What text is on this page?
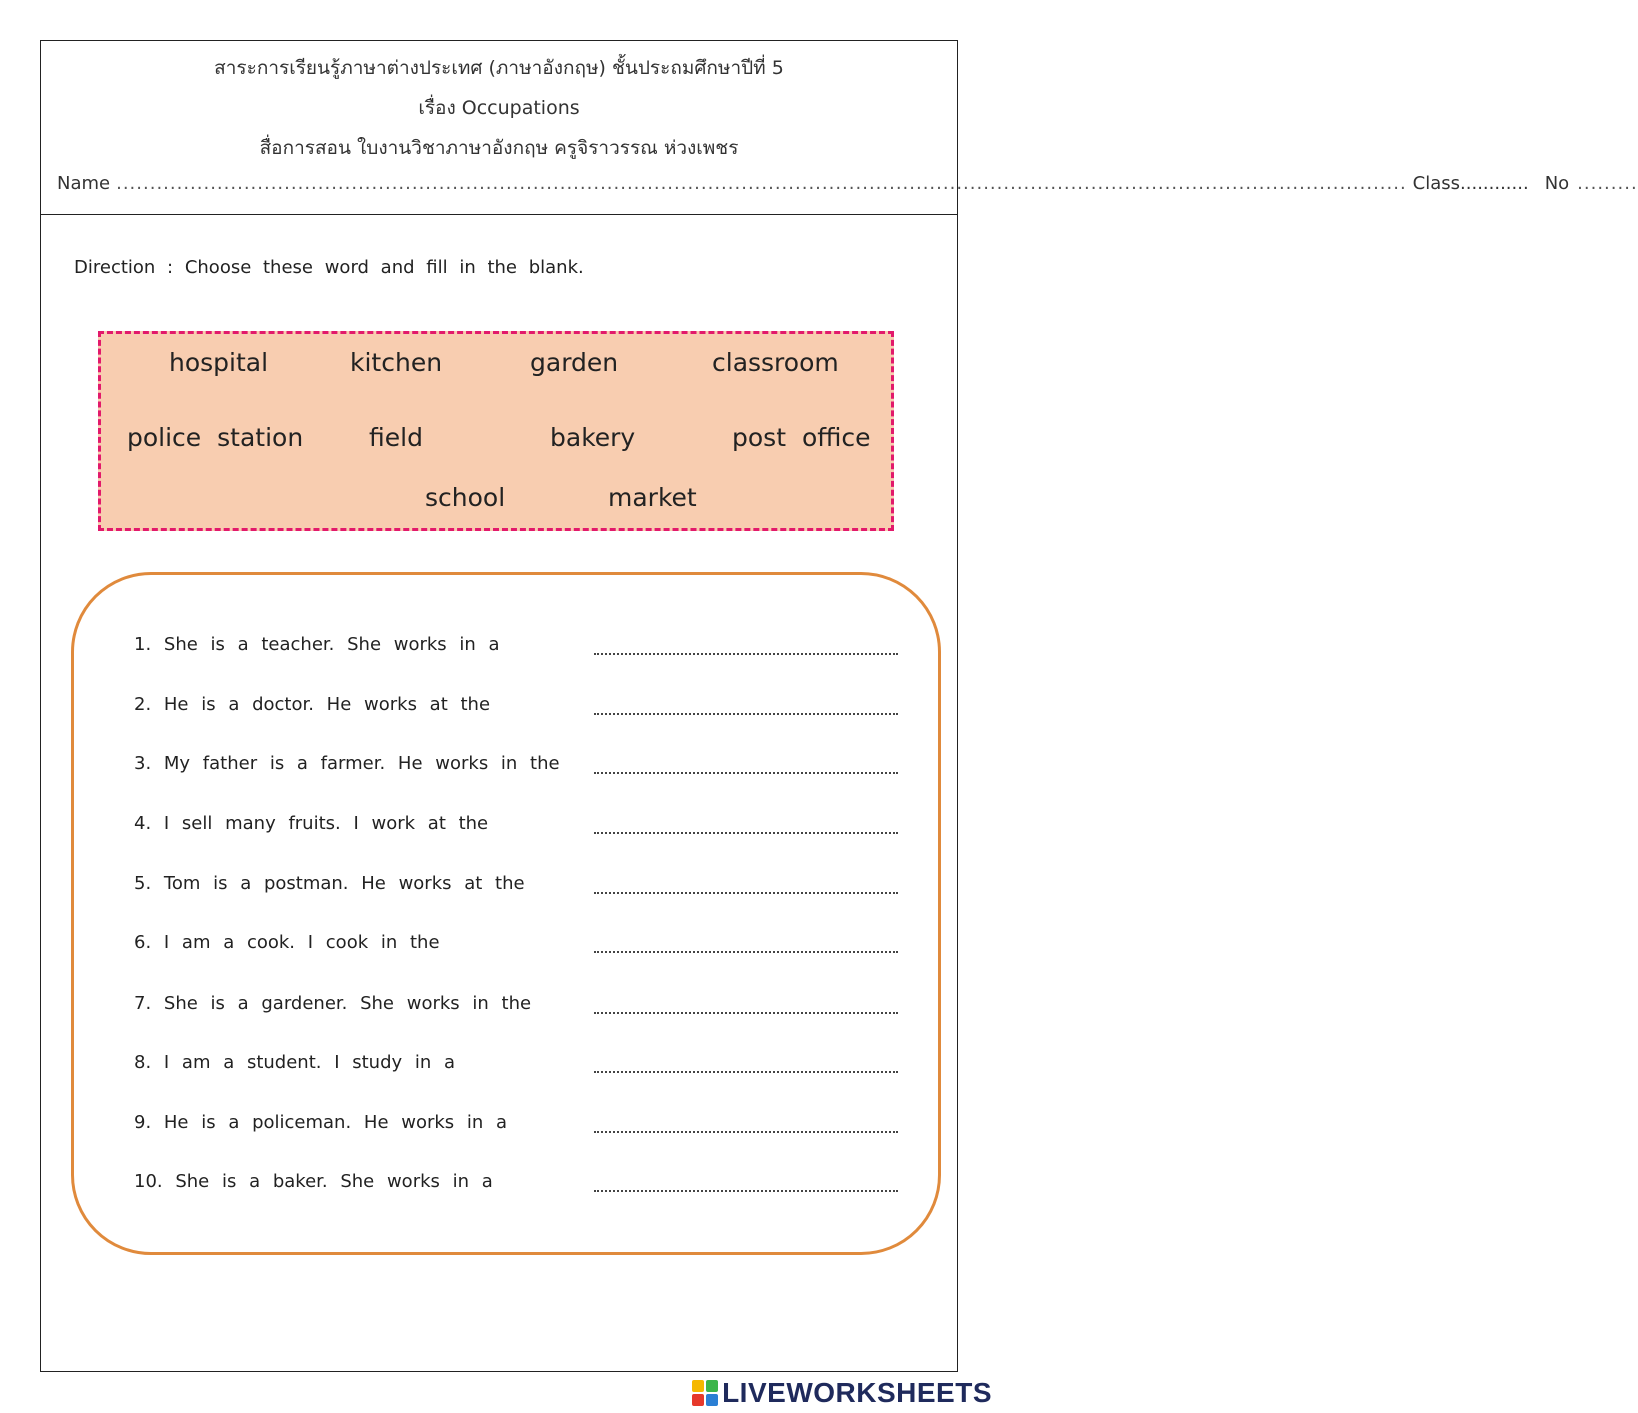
สาระการเรียนรู้ภาษาต่างประเทศ (ภาษาอังกฤษ) ชั้นประถมศึกษาปีที่ 5
เรื่อง Occupations
สื่อการสอน ใบงานวิชาภาษาอังกฤษ ครูจิราวรรณ ห่วงเพชร
Name ................................................................................................................................................................................................ Class............ No .........
Direction : Choose these word and fill in the blank.
hospital	kitchen	garden	classroom
police station	field	bakery	post office
school	market
1. She is a teacher. She works in a
2. He is a doctor. He works at the
3. My father is a farmer. He works in the
4. I sell many fruits. I work at the
5. Tom is a postman. He works at the
6. I am a cook. I cook in the
7. She is a gardener. She works in the
8. I am a student. I study in a
9. He is a policeman. He works in a
10. She is a baker. She works in a
LIVEWORKSHEETS
